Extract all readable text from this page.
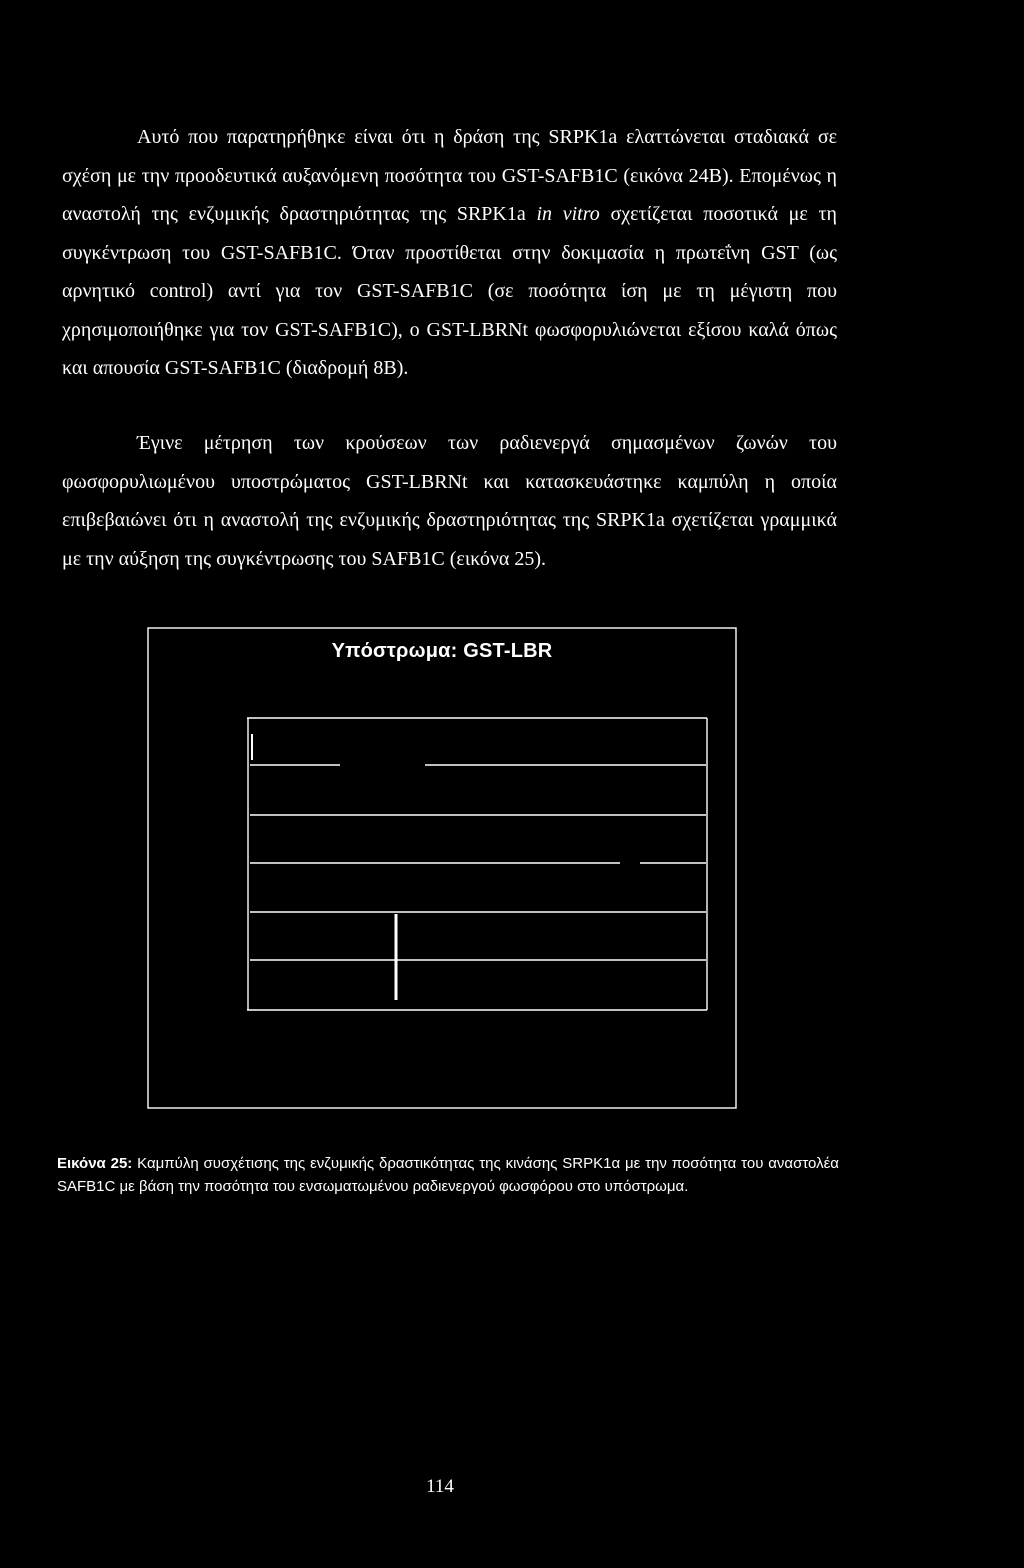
Αυτό που παρατηρήθηκε είναι ότι η δράση της SRPK1a ελαττώνεται σταδιακά σε σχέση με την προοδευτικά αυξανόμενη ποσότητα του GST-SAFB1C (εικόνα 24B). Επομένως η αναστολή της ενζυμικής δραστηριότητας της SRPK1a in vitro σχετίζεται ποσοτικά με τη συγκέντρωση του GST-SAFB1C. Όταν προστίθεται στην δοκιμασία η πρωτεΐνη GST (ως αρνητικό control) αντί για τον GST-SAFB1C (σε ποσότητα ίση με τη μέγιστη που χρησιμοποιήθηκε για τον GST-SAFB1C), ο GST-LBRNt φωσφορυλιώνεται εξίσου καλά όπως και απουσία GST-SAFB1C (διαδρομή 8B).

Έγινε μέτρηση των κρούσεων των ραδιενεργά σημασμένων ζωνών του φωσφορυλιωμένου υποστρώματος GST-LBRNt και κατασκευάστηκε καμπύλη η οποία επιβεβαιώνει ότι η αναστολή της ενζυμικής δραστηριότητας της SRPK1a σχετίζεται γραμμικά με την αύξηση της συγκέντρωσης του SAFB1C (εικόνα 25).

Υπόστρωμα: GST-LBR

Εικόνα 25: Καμπύλη συσχέτισης της ενζυμικής δραστικότητας της κινάσης SRPK1α με την ποσότητα του αναστολέα SAFB1C με βάση την ποσότητα του ενσωματωμένου ραδιενεργού φωσφόρου στο υπόστρωμα.

114
